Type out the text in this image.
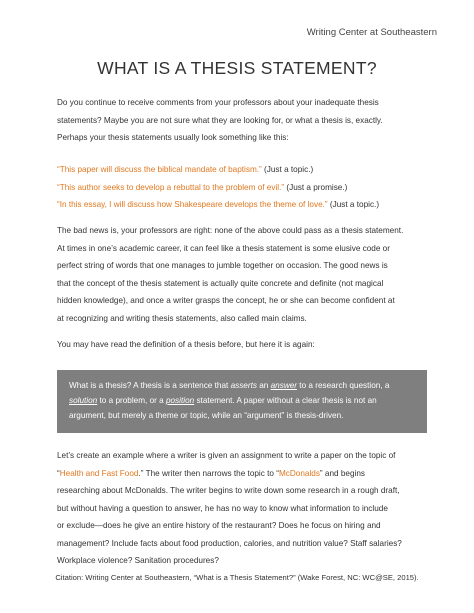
Writing Center at Southeastern
WHAT IS A THESIS STATEMENT?

Do you continue to receive comments from your professors about your inadequate thesis

statements? Maybe you are not sure what they are looking for, or what a thesis is, exactly.

Perhaps your thesis statements usually look something like this:

“This paper will discuss the biblical mandate of baptism.” (Just a topic.)
“This author seeks to develop a rebuttal to the problem of evil.” (Just a promise.)
“In this essay, I will discuss how Shakespeare develops the theme of love.” (Just a topic.)

The bad news is, your professors are right: none of the above could pass as a thesis statement.

At times in one’s academic career, it can feel like a thesis statement is some elusive code or

perfect string of words that one manages to jumble together on occasion. The good news is

that the concept of the thesis statement is actually quite concrete and definite (not magical

hidden knowledge), and once a writer grasps the concept, he or she can become confident at

at recognizing and writing thesis statements, also called main claims.

You may have read the definition of a thesis before, but here it is again:
What is a thesis? A thesis is a sentence that asserts an answer to a research question, a
solution to a problem, or a position statement. A paper without a clear thesis is not an
argument, but merely a theme or topic, while an “argument” is thesis-driven.

Let’s create an example where a writer is given an assignment to write a paper on the topic of

“Health and Fast Food.” The writer then narrows the topic to “McDonalds” and begins

researching about McDonalds. The writer begins to write down some research in a rough draft,

but without having a question to answer, he has no way to know what information to include

or exclude—does he give an entire history of the restaurant? Does he focus on hiring and

management? Include facts about food production, calories, and nutrition value? Staff salaries?

Workplace violence? Sanitation procedures?

Citation: Writing Center at Southeastern, “What is a Thesis Statement?” (Wake Forest, NC: WC@SE, 2015).
